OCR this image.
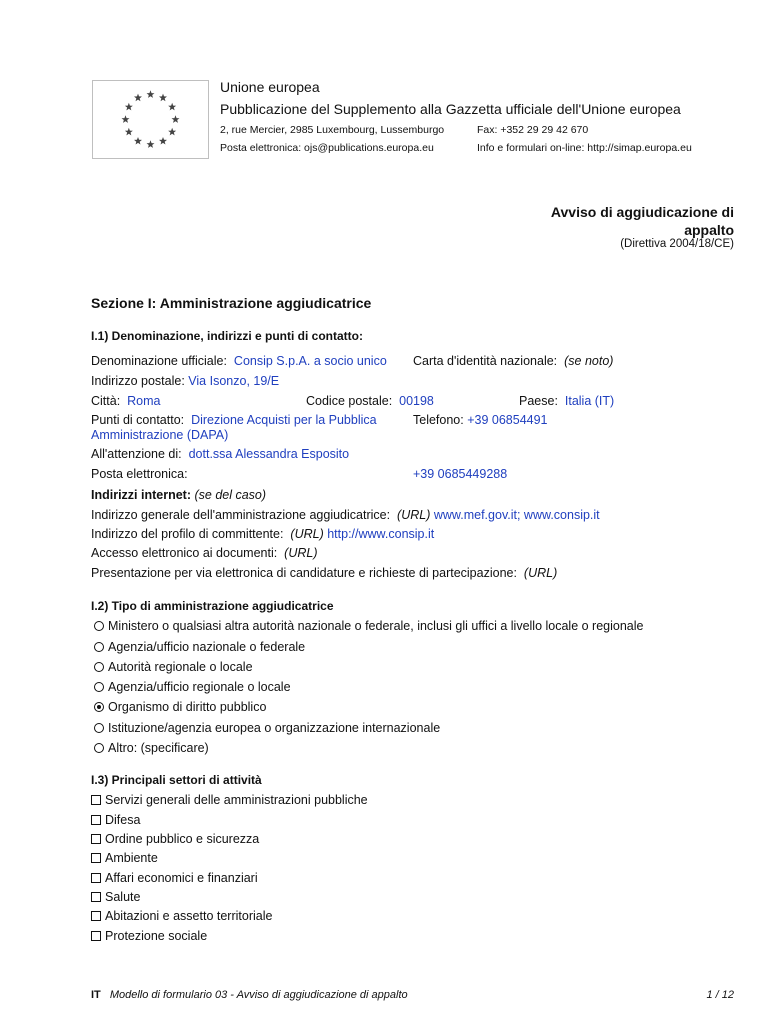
Unione europea
Pubblicazione del Supplemento alla Gazzetta ufficiale dell'Unione europea
2, rue Mercier, 2985 Luxembourg, Lussemburgo	Fax: +352 29 29 42 670
Posta elettronica: ojs@publications.europa.eu	Info e formulari on-line: http://simap.europa.eu
Avviso di aggiudicazione di appalto
(Direttiva 2004/18/CE)
Sezione I: Amministrazione aggiudicatrice
I.1) Denominazione, indirizzi e punti di contatto:
Denominazione ufficiale: Consip S.p.A. a socio unico Carta d'identità nazionale: (se noto)
Indirizzo postale: Via Isonzo, 19/E
Città: Roma	Codice postale: 00198	Paese: Italia (IT)
Punti di contatto: Direzione Acquisti per la Pubblica
Amministrazione (DAPA)
Telefono: +39 06854491
All'attenzione di: dott.ssa Alessandra Esposito
Posta elettronica:	+39 0685449288
Indirizzi internet: (se del caso)
Indirizzo generale dell'amministrazione aggiudicatrice: (URL) www.mef.gov.it; www.consip.it
Indirizzo del profilo di committente: (URL) http://www.consip.it
Accesso elettronico ai documenti: (URL)
Presentazione per via elettronica di candidature e richieste di partecipazione: (URL)
I.2) Tipo di amministrazione aggiudicatrice
Ministero o qualsiasi altra autorità nazionale o federale, inclusi gli uffici a livello locale o regionale
Agenzia/ufficio nazionale o federale
Autorità regionale o locale
Agenzia/ufficio regionale o locale
Organismo di diritto pubblico
Istituzione/agenzia europea o organizzazione internazionale
Altro: (specificare)
I.3) Principali settori di attività
Servizi generali delle amministrazioni pubbliche
Difesa
Ordine pubblico e sicurezza
Ambiente
Affari economici e finanziari
Salute
Abitazioni e assetto territoriale
Protezione sociale
IT Modello di formulario 03 - Avviso di aggiudicazione di appalto	1 / 12
